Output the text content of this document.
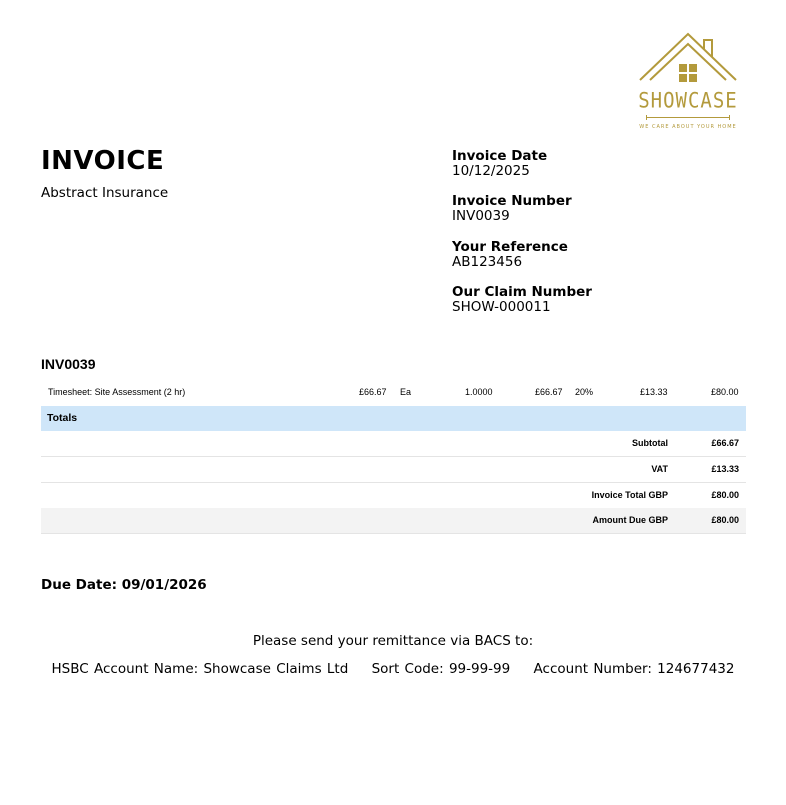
SHOWCASE
WE CARE ABOUT YOUR HOME
INVOICE
Abstract Insurance
Invoice Date
10/12/2025
Invoice Number
INV0039
Your Reference
AB123456
Our Claim Number
SHOW-000011
INV0039
Timesheet: Site Assessment (2 hr)	£66.67 Ea	1.0000	£66.67 20%	£13.33	£80.00
Totals
Subtotal	£66.67
VAT	£13.33
Invoice Total GBP	£80.00
Amount Due GBP	£80.00
Due Date: 09/01/2026
Please send your remittance via BACS to:
HSBC Account Name: Showcase Claims Ltd Sort Code: 99-99-99 Account Number: 124677432
